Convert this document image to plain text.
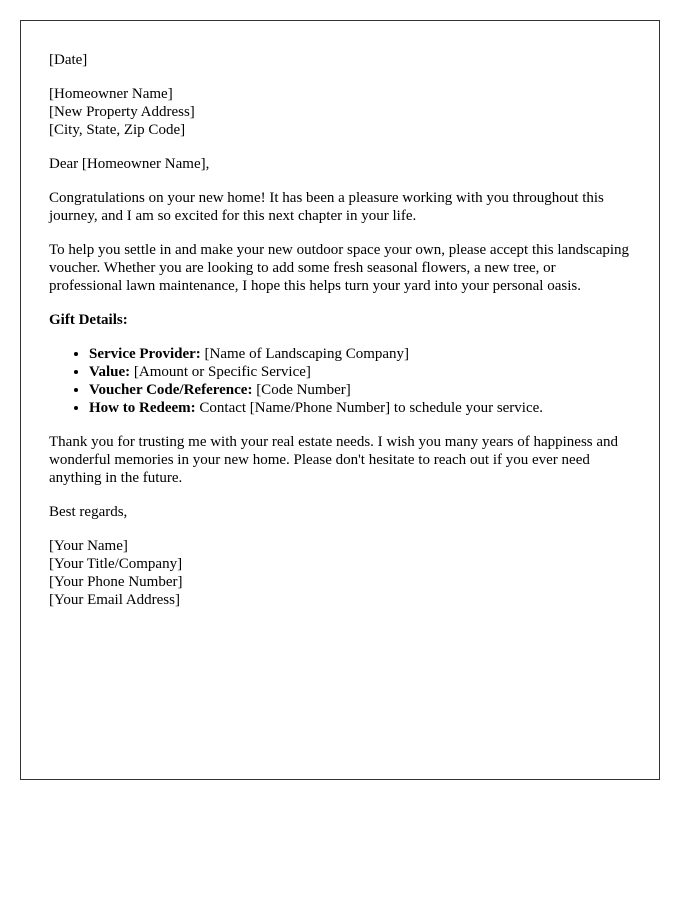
[Date]

[Homeowner Name]
[New Property Address]
[City, State, Zip Code]

Dear [Homeowner Name],

Congratulations on your new home! It has been a pleasure working with you throughout this journey, and I am so excited for this next chapter in your life.

To help you settle in and make your new outdoor space your own, please accept this landscaping voucher. Whether you are looking to add some fresh seasonal flowers, a new tree, or professional lawn maintenance, I hope this helps turn your yard into your personal oasis.

Gift Details:

• Service Provider: [Name of Landscaping Company]
• Value: [Amount or Specific Service]
• Voucher Code/Reference: [Code Number]
• How to Redeem: Contact [Name/Phone Number] to schedule your service.

Thank you for trusting me with your real estate needs. I wish you many years of happiness and wonderful memories in your new home. Please don't hesitate to reach out if you ever need anything in the future.

Best regards,

[Your Name]
[Your Title/Company]
[Your Phone Number]
[Your Email Address]
